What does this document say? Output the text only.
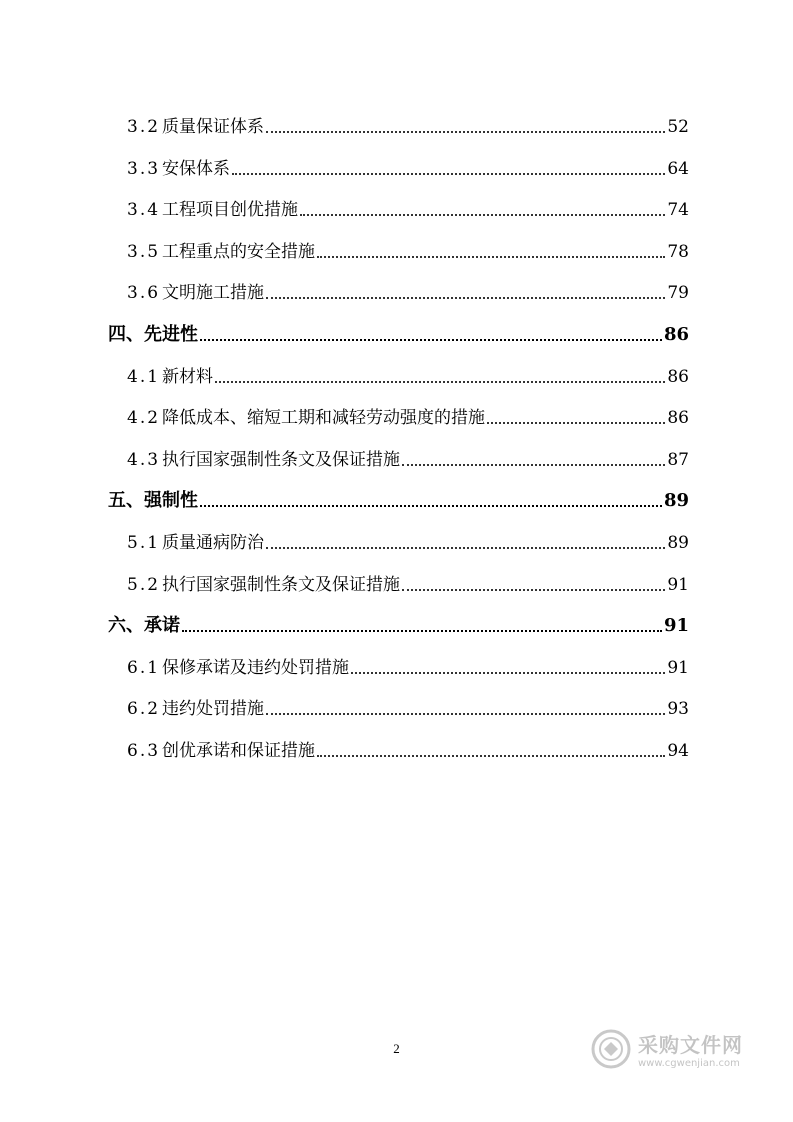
3.2 质量保证体系	52
3.3 安保体系	64
3.4 工程项目创优措施	74
3.5 工程重点的安全措施	78
3.6 文明施工措施	79
四、先进性	86
4.1 新材料	86
4.2 降低成本、缩短工期和减轻劳动强度的措施	86
4.3 执行国家强制性条文及保证措施	87
五、强制性	89
5.1 质量通病防治	89
5.2 执行国家强制性条文及保证措施	91
六、承诺	91
6.1 保修承诺及违约处罚措施	91
6.2 违约处罚措施	93
6.3 创优承诺和保证措施	94
2	采购文件网
www.cgwenjian.com
